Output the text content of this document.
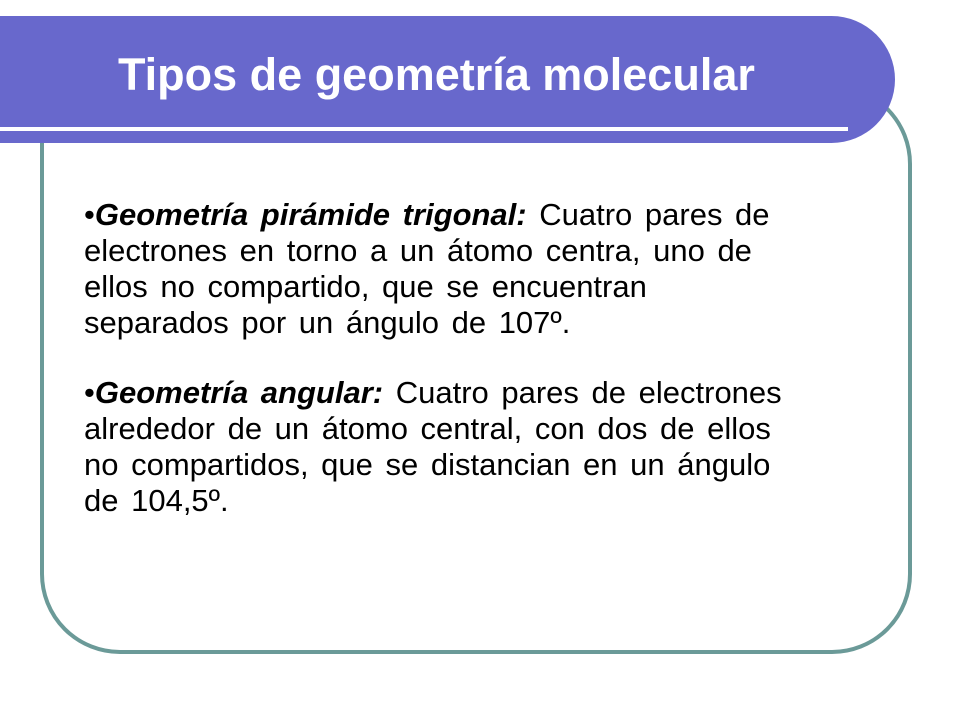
Tipos de geometría molecular

•Geometría pirámide trigonal: Cuatro pares de electrones en torno a un átomo centra, uno de ellos no compartido, que se encuentran separados por un ángulo de 107º.

•Geometría angular: Cuatro pares de electrones alrededor de un átomo central, con dos de ellos no compartidos, que se distancian en un ángulo de 104,5º.
